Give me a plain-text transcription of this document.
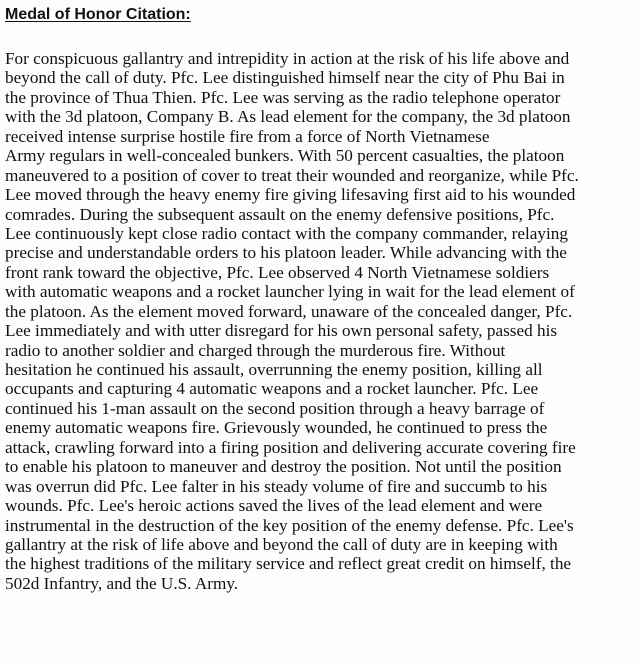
Medal of Honor Citation:
For conspicuous gallantry and intrepidity in action at the risk of his life above and
beyond the call of duty. Pfc. Lee distinguished himself near the city of Phu Bai in
the province of Thua Thien. Pfc. Lee was serving as the radio telephone operator
with the 3d platoon, Company B. As lead element for the company, the 3d platoon
received intense surprise hostile fire from a force of North Vietnamese
Army regulars in well-concealed bunkers. With 50 percent casualties, the platoon
maneuvered to a position of cover to treat their wounded and reorganize, while Pfc.
Lee moved through the heavy enemy fire giving lifesaving first aid to his wounded
comrades. During the subsequent assault on the enemy defensive positions, Pfc.
Lee continuously kept close radio contact with the company commander, relaying
precise and understandable orders to his platoon leader. While advancing with the
front rank toward the objective, Pfc. Lee observed 4 North Vietnamese soldiers
with automatic weapons and a rocket launcher lying in wait for the lead element of
the platoon. As the element moved forward, unaware of the concealed danger, Pfc.
Lee immediately and with utter disregard for his own personal safety, passed his
radio to another soldier and charged through the murderous fire. Without
hesitation he continued his assault, overrunning the enemy position, killing all
occupants and capturing 4 automatic weapons and a rocket launcher. Pfc. Lee
continued his 1-man assault on the second position through a heavy barrage of
enemy automatic weapons fire. Grievously wounded, he continued to press the
attack, crawling forward into a firing position and delivering accurate covering fire
to enable his platoon to maneuver and destroy the position. Not until the position
was overrun did Pfc. Lee falter in his steady volume of fire and succumb to his
wounds. Pfc. Lee's heroic actions saved the lives of the lead element and were
instrumental in the destruction of the key position of the enemy defense. Pfc. Lee's
gallantry at the risk of life above and beyond the call of duty are in keeping with
the highest traditions of the military service and reflect great credit on himself, the
502d Infantry, and the U.S. Army.
